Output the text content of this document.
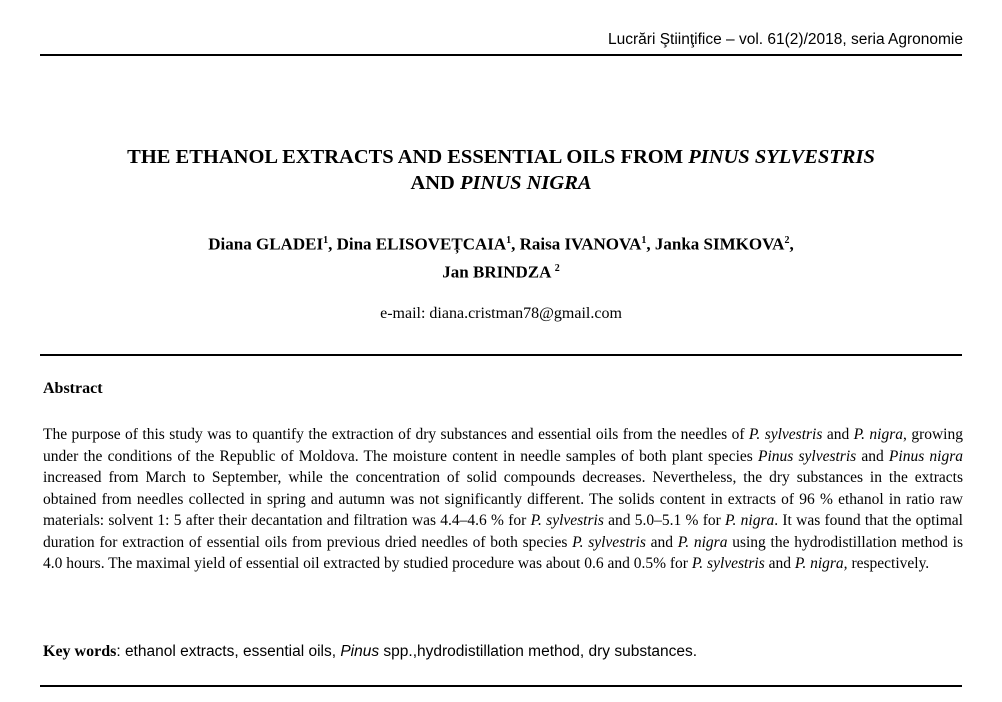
Lucrări Ştiinţifice – vol. 61(2)/2018, seria Agronomie
THE ETHANOL EXTRACTS AND ESSENTIAL OILS FROM PINUS SYLVESTRIS
AND PINUS NIGRA
Diana GLADEI$^1$, Dina ELISOVEȚCAIA$^1$, Raisa IVANOVA$^1$, Janka SIMKOVA$^2$,
Jan BRINDZA $^2$
e-mail: diana.cristman78@gmail.com
Abstract
The purpose of this study was to quantify the extraction of dry substances and essential oils from the needles of P. sylvestris and P. nigra, growing under the conditions of the Republic of Moldova. The moisture content in needle samples of both plant species Pinus sylvestris and Pinus nigra increased from March to September, while the concentration of solid compounds decreases. Nevertheless, the dry substances in the extracts obtained from needles collected in spring and autumn was not significantly different. The solids content in extracts of 96 % ethanol in ratio raw materials: solvent 1: 5 after their decantation and filtration was 4.4–4.6 % for P. sylvestris and 5.0–5.1 % for P. nigra. It was found that the optimal duration for extraction of essential oils from previous dried needles of both species P. sylvestris and P. nigra using the hydrodistillation method is 4.0 hours. The maximal yield of essential oil extracted by studied procedure was about 0.6 and 0.5% for P. sylvestris and P. nigra, respectively.
Key words: ethanol extracts, essential oils, Pinus spp.,hydrodistillation method, dry substances.
